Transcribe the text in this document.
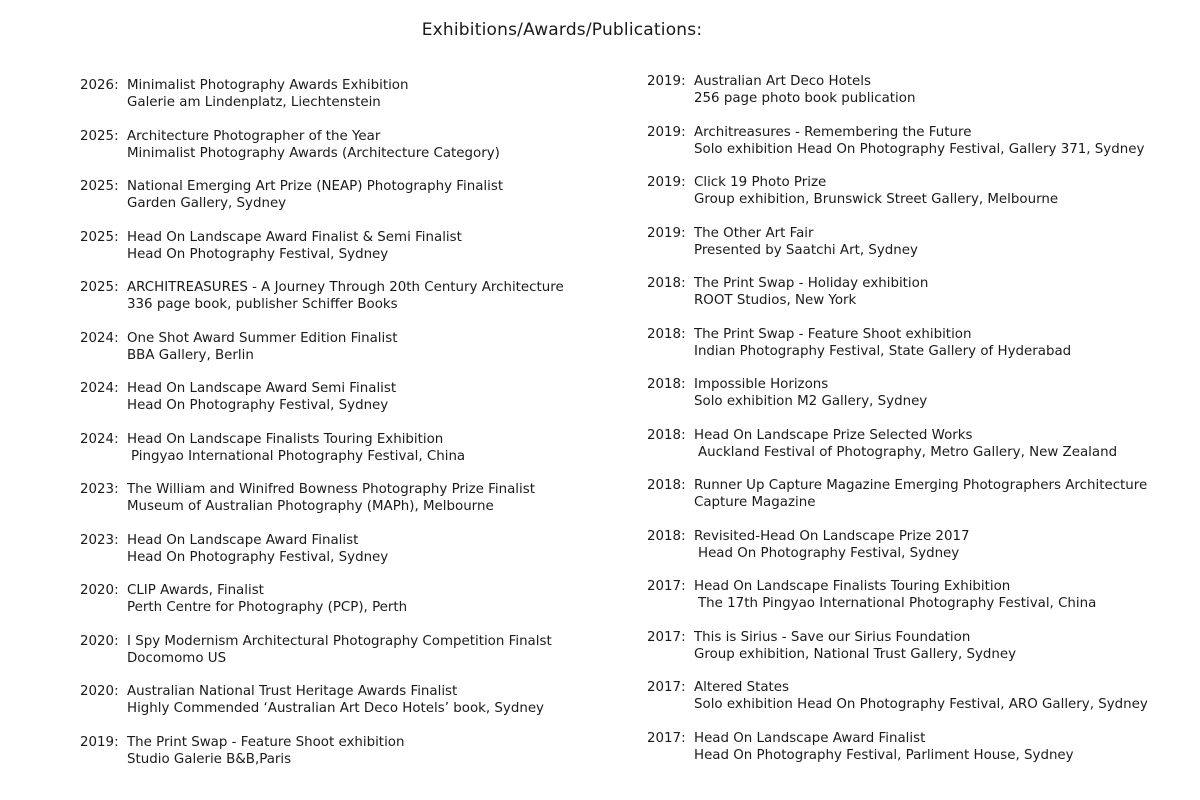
Exhibitions/Awards/Publications:
2026: Minimalist Photography Awards Exhibition
Galerie am Lindenplatz, Liechtenstein
2025: Architecture Photographer of the Year
Minimalist Photography Awards (Architecture Category)
2025: National Emerging Art Prize (NEAP) Photography Finalist
Garden Gallery, Sydney
2025: Head On Landscape Award Finalist & Semi Finalist
Head On Photography Festival, Sydney
2025: ARCHITREASURES - A Journey Through 20th Century Architecture
336 page book, publisher Schiffer Books
2024: One Shot Award Summer Edition Finalist
BBA Gallery, Berlin
2024: Head On Landscape Award Semi Finalist
Head On Photography Festival, Sydney
2024: Head On Landscape Finalists Touring Exhibition
Pingyao International Photography Festival, China
2023: The William and Winifred Bowness Photography Prize Finalist
Museum of Australian Photography (MAPh), Melbourne
2023: Head On Landscape Award Finalist
Head On Photography Festival, Sydney
2020: CLIP Awards, Finalist
Perth Centre for Photography (PCP), Perth
2020: I Spy Modernism Architectural Photography Competition Finalst
Docomomo US
2020: Australian National Trust Heritage Awards Finalist
Highly Commended ‘Australian Art Deco Hotels’ book, Sydney
2019: The Print Swap - Feature Shoot exhibition
Studio Galerie B&B,Paris
2019: Australian Art Deco Hotels
256 page photo book publication
2019: Architreasures - Remembering the Future
Solo exhibition Head On Photography Festival, Gallery 371, Sydney
2019: Click 19 Photo Prize
Group exhibition, Brunswick Street Gallery, Melbourne
2019: The Other Art Fair
Presented by Saatchi Art, Sydney
2018: The Print Swap - Holiday exhibition
ROOT Studios, New York
2018: The Print Swap - Feature Shoot exhibition
Indian Photography Festival, State Gallery of Hyderabad
2018: Impossible Horizons
Solo exhibition M2 Gallery, Sydney
2018: Head On Landscape Prize Selected Works
Auckland Festival of Photography, Metro Gallery, New Zealand
2018: Runner Up Capture Magazine Emerging Photographers Architecture
Capture Magazine
2018: Revisited-Head On Landscape Prize 2017
Head On Photography Festival, Sydney
2017: Head On Landscape Finalists Touring Exhibition
The 17th Pingyao International Photography Festival, China
2017: This is Sirius - Save our Sirius Foundation
Group exhibition, National Trust Gallery, Sydney
2017: Altered States
Solo exhibition Head On Photography Festival, ARO Gallery, Sydney
2017: Head On Landscape Award Finalist
Head On Photography Festival, Parliment House, Sydney
